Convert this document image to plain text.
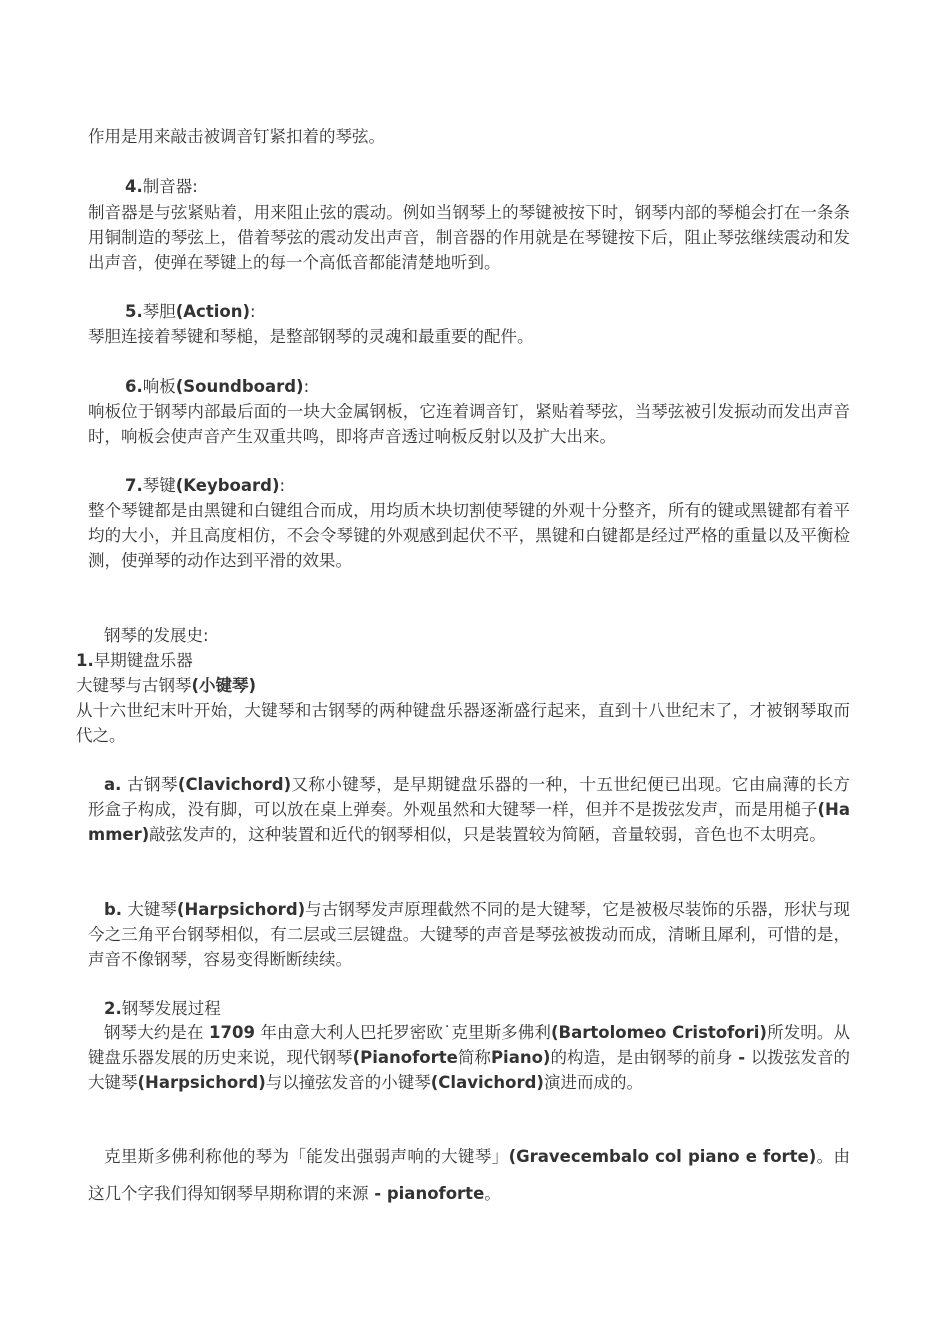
作用是用来敲击被调音钉紧扣着的琴弦。

4.制音器:

制音器是与弦紧贴着，用来阻止弦的震动。例如当钢琴上的琴键被按下时，钢琴内部的琴槌会打在一条条用铜制造的琴弦上，借着琴弦的震动发出声音，制音器的作用就是在琴键按下后，阻止琴弦继续震动和发出声音，使弹在琴键上的每一个高低音都能清楚地听到。

5.琴胆(Action):

琴胆连接着琴键和琴槌，是整部钢琴的灵魂和最重要的配件。

6.响板(Soundboard):

响板位于钢琴内部最后面的一块大金属钢板，它连着调音钉，紧贴着琴弦，当琴弦被引发振动而发出声音时，响板会使声音产生双重共鸣，即将声音透过响板反射以及扩大出来。

7.琴键(Keyboard):

整个琴键都是由黑键和白键组合而成，用均质木块切割使琴键的外观十分整齐，所有的键或黑键都有着平均的大小，并且高度相仿，不会令琴键的外观感到起伏不平，黑键和白键都是经过严格的重量以及平衡检测，使弹琴的动作达到平滑的效果。

钢琴的发展史:

1.早期键盘乐器

大键琴与古钢琴(小键琴)

从十六世纪末叶开始，大键琴和古钢琴的两种键盘乐器逐渐盛行起来，直到十八世纪末了，才被钢琴取而代之。

a. 古钢琴(Clavichord)又称小键琴，是早期键盘乐器的一种，十五世纪便已出现。它由扁薄的长方形盒子构成，没有脚，可以放在桌上弹奏。外观虽然和大键琴一样，但并不是拨弦发声，而是用槌子(Hammer)敲弦发声的，这种装置和近代的钢琴相似，只是装置较为简陋，音量较弱，音色也不太明亮。

b. 大键琴(Harpsichord)与古钢琴发声原理截然不同的是大键琴，它是被极尽装饰的乐器，形状与现今之三角平台钢琴相似，有二层或三层键盘。大键琴的声音是琴弦被拨动而成，清晰且犀利，可惜的是，声音不像钢琴，容易变得断断续续。

2.钢琴发展过程

钢琴大约是在 1709 年由意大利人巴托罗密欧˙克里斯多佛利(Bartolomeo Cristofori)所发明。从键盘乐器发展的历史来说，现代钢琴(Pianoforte简称Piano)的构造，是由钢琴的前身 - 以拨弦发音的大键琴(Harpsichord)与以撞弦发音的小键琴(Clavichord)演进而成的。

克里斯多佛利称他的琴为「能发出强弱声响的大键琴」(Gravecembalo col piano e forte)。由这几个字我们得知钢琴早期称谓的来源 - pianoforte。
